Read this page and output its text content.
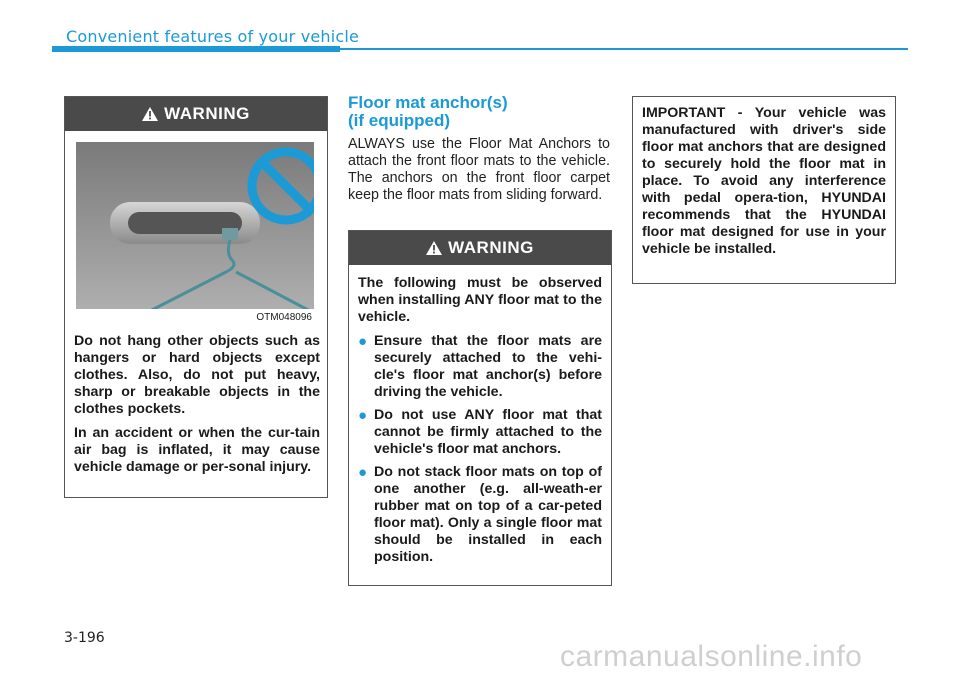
Convenient features of your vehicle
WARNING
OTM048096

Do not hang other objects such as hangers or hard objects except clothes. Also, do not put heavy, sharp or breakable objects in the clothes pockets.

In an accident or when the cur-tain air bag is inflated, it may cause vehicle damage or per-sonal injury.

Floor mat anchor(s)
(if equipped)
ALWAYS use the Floor Mat Anchors to attach the front floor mats to the vehicle. The anchors on the front floor carpet keep the floor mats from sliding forward.
WARNING

The following must be observed when installing ANY floor mat to the vehicle.

● Ensure that the floor mats are securely attached to the vehi-cle's floor mat anchor(s) before driving the vehicle.
● Do not use ANY floor mat that cannot be firmly attached to the vehicle's floor mat anchors.
● Do not stack floor mats on top of one another (e.g. all-weath-er rubber mat on top of a car-peted floor mat). Only a single floor mat should be installed in each position.
IMPORTANT - Your vehicle was manufactured with driver's side floor mat anchors that are designed to securely hold the floor mat in place. To avoid any interference with pedal opera-tion, HYUNDAI recommends that the HYUNDAI floor mat designed for use in your vehicle be installed.
3-196
carmanualsonline.info
